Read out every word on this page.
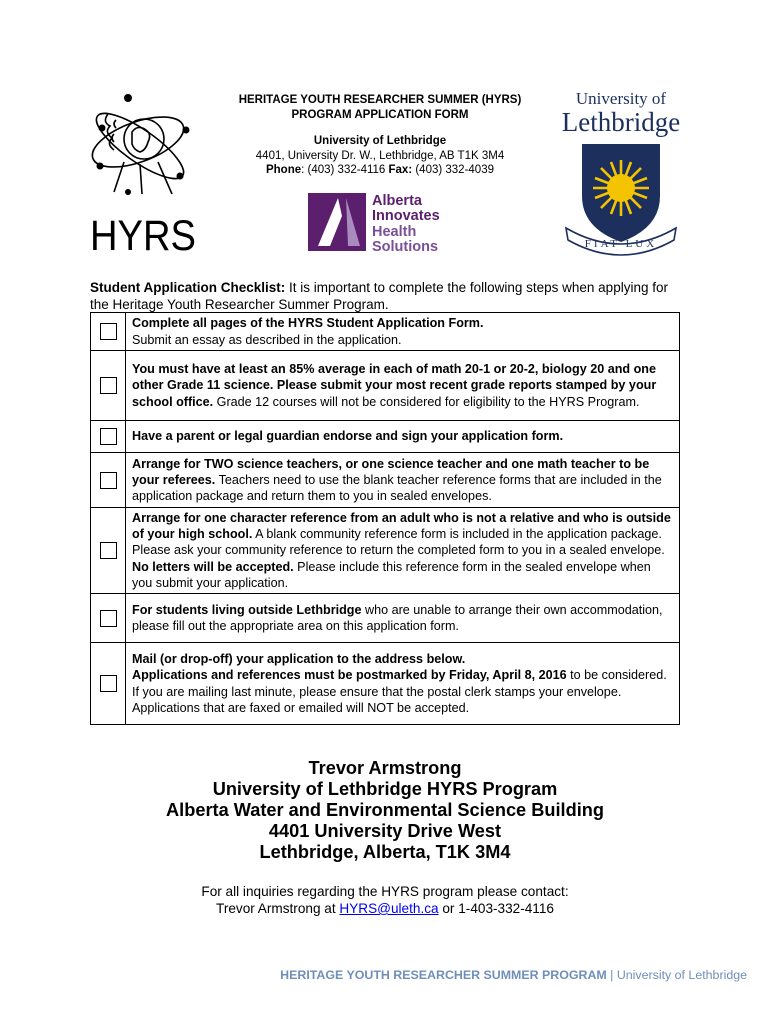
HYRS
HERITAGE YOUTH RESEARCHER SUMMER (HYRS)
PROGRAM APPLICATION FORM
University of Lethbridge
4401, University Dr. W., Lethbridge, AB T1K 3M4
Phone: (403) 332-4116 Fax: (403) 332-4039
Alberta
Innovates
Health
Solutions
University of
Lethbridge
FIAT LUX
Student Application Checklist: It is important to complete the following steps when applying for the Heritage Youth Researcher Summer Program.
	Complete all pages of the HYRS Student Application Form.
Submit an essay as described in the application.
	You must have at least an 85% average in each of math 20-1 or 20-2, biology 20 and one other Grade 11 science. Please submit your most recent grade reports stamped by your school office. Grade 12 courses will not be considered for eligibility to the HYRS Program.
	Have a parent or legal guardian endorse and sign your application form.
	Arrange for TWO science teachers, or one science teacher and one math teacher to be your referees. Teachers need to use the blank teacher reference forms that are included in the application package and return them to you in sealed envelopes.
	Arrange for one character reference from an adult who is not a relative and who is outside of your high school. A blank community reference form is included in the application package. Please ask your community reference to return the completed form to you in a sealed envelope. No letters will be accepted. Please include this reference form in the sealed envelope when you submit your application.
	For students living outside Lethbridge who are unable to arrange their own accommodation, please fill out the appropriate area on this application form.
	Mail (or drop-off) your application to the address below.
Applications and references must be postmarked by Friday, April 8, 2016 to be considered. If you are mailing last minute, please ensure that the postal clerk stamps your envelope. Applications that are faxed or emailed will NOT be accepted.
Trevor Armstrong
University of Lethbridge HYRS Program
Alberta Water and Environmental Science Building
4401 University Drive West
Lethbridge, Alberta, T1K 3M4
For all inquiries regarding the HYRS program please contact:
Trevor Armstrong at HYRS@uleth.ca or 1-403-332-4116
HERITAGE YOUTH RESEARCHER SUMMER PROGRAM | University of Lethbridge
